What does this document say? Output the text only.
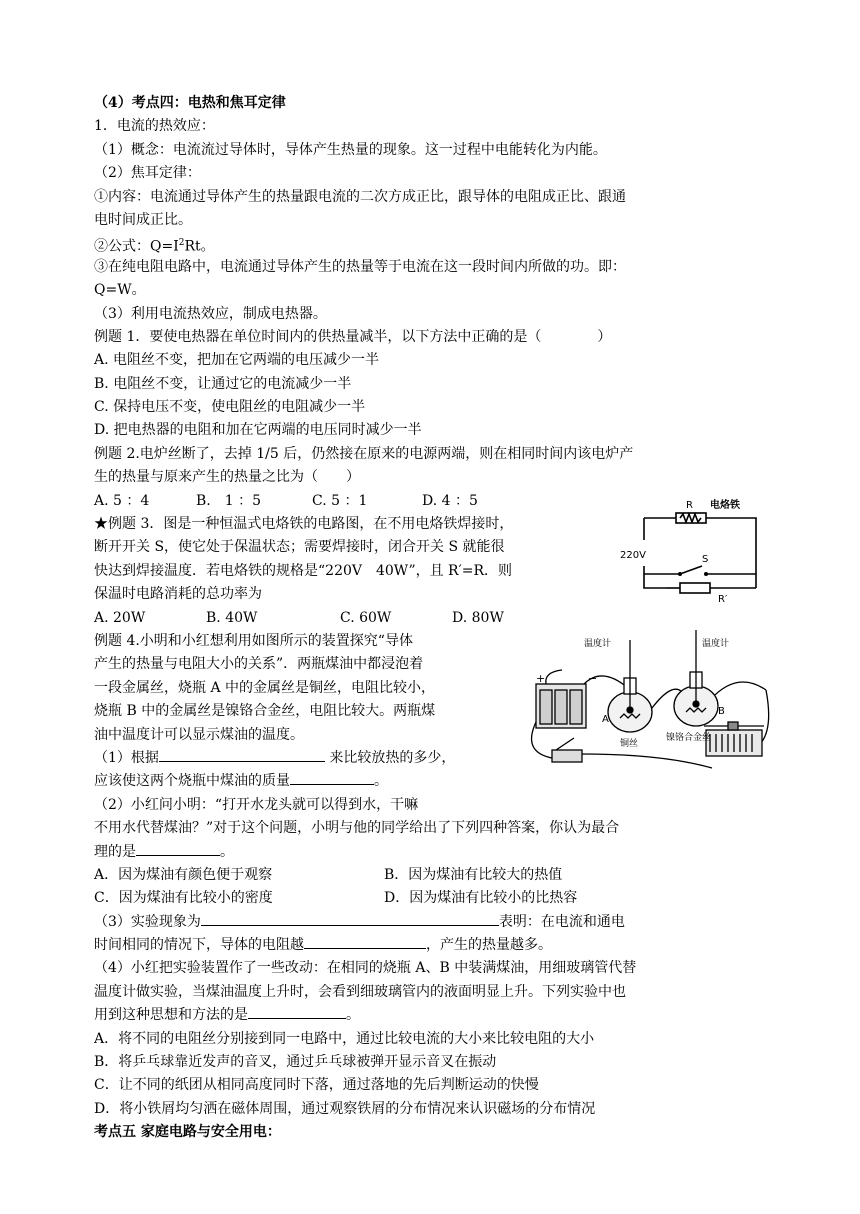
（4）考点四：电热和焦耳定律
1．电流的热效应：
（1）概念：电流流过导体时，导体产生热量的现象。这一过程中电能转化为内能。
（2）焦耳定律：
①内容：电流通过导体产生的热量跟电流的二次方成正比，跟导体的电阻成正比、跟通
电时间成正比。
②公式：$Q=I^2Rt$。
③在纯电阻电路中，电流通过导体产生的热量等于电流在这一段时间内所做的功。即：
Q=W。
（3）利用电流热效应，制成电热器。
例题 1．要使电热器在单位时间内的供热量减半，以下方法中正确的是（	）
A. 电阻丝不变，把加在它两端的电压减少一半
B. 电阻丝不变，让通过它的电流减少一半
C. 保持电压不变，使电阻丝的电阻减少一半
D. 把电热器的电阻和加在它两端的电压同时减少一半
例题 2.电炉丝断了，去掉 1/5 后，仍然接在原来的电源两端，则在相同时间内该电炉产
生的热量与原来产生的热量之比为（　　）
A. 5 ：4	B.　1 ：5	C. 5 ：1	D. 4 ：5
★例题 3．图是一种恒温式电烙铁的电路图，在不用电烙铁焊接时，
断开开关 S，使它处于保温状态；需要焊接时，闭合开关 S 就能很
快达到焊接温度．若电烙铁的规格是“220V　40W”，且 R′=R．则
保温时电路消耗的总功率为
A. 20W	B. 40W	C. 60W	D. 80W
例题 4.小明和小红想利用如图所示的装置探究“导体
产生的热量与电阻大小的关系”．两瓶煤油中都浸泡着
一段金属丝，烧瓶 A 中的金属丝是铜丝，电阻比较小，
烧瓶 B 中的金属丝是镍铬合金丝，电阻比较大。两瓶煤
油中温度计可以显示煤油的温度。
（1）根据	来比较放热的多少，
应该使这两个烧瓶中煤油的质量	。
（2）小红问小明：“打开水龙头就可以得到水，干嘛
不用水代替煤油？”对于这个问题，小明与他的同学给出了下列四种答案，你认为最合
理的是	。
A．因为煤油有颜色便于观察	B．因为煤油有比较大的热值
C．因为煤油有比较小的密度	D．因为煤油有比较小的比热容
（3）实验现象为	表明：在电流和通电
时间相同的情况下，导体的电阻越	，产生的热量越多。
（4）小红把实验装置作了一些改动：在相同的烧瓶 A、B 中装满煤油，用细玻璃管代替
温度计做实验，当煤油温度上升时，会看到细玻璃管内的液面明显上升。下列实验中也
用到这种思想和方法的是	。
A．将不同的电阻丝分别接到同一电路中，通过比较电流的大小来比较电阻的大小
B．将乒乓球靠近发声的音叉，通过乒乓球被弹开显示音叉在振动
C．让不同的纸团从相同高度同时下落，通过落地的先后判断运动的快慢
D．将小铁屑均匀洒在磁体周围，通过观察铁屑的分布情况来认识磁场的分布情况
考点五 家庭电路与安全用电：
R 电烙铁
220V	S
R′
温度计	温度计
+	−
A
B
铜丝
镍铬合金丝
